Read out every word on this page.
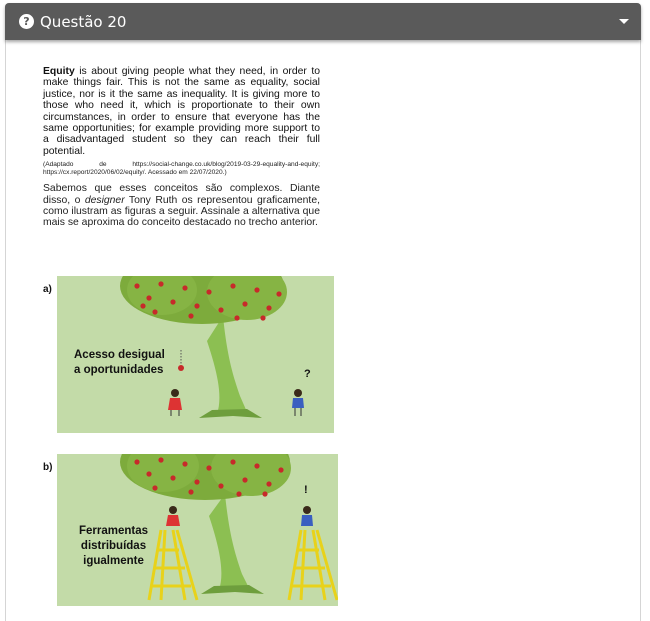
? Questão 20

Equity is about giving people what they need, in order to make things fair. This is not the same as equality, social justice, nor is it the same as inequality. It is giving more to those who need it, which is proportionate to their own circumstances, in order to ensure that everyone has the same opportunities; for example providing more support to a disadvantaged student so they can reach their full potential.

(Adaptado de https://social-change.co.uk/blog/2019-03-29-equality-and-equity; https://cx.report/2020/06/02/equity/. Acessado em 22/07/2020.)

Sabemos que esses conceitos são complexos. Diante disso, o designer Tony Ruth os representou graficamente, como ilustram as figuras a seguir. Assinale a alternativa que mais se aproxima do conceito destacado no trecho anterior.

a)
Acesso desigual
a oportunidades	?
b)
Ferramentas
distribuídas
igualmente
!
